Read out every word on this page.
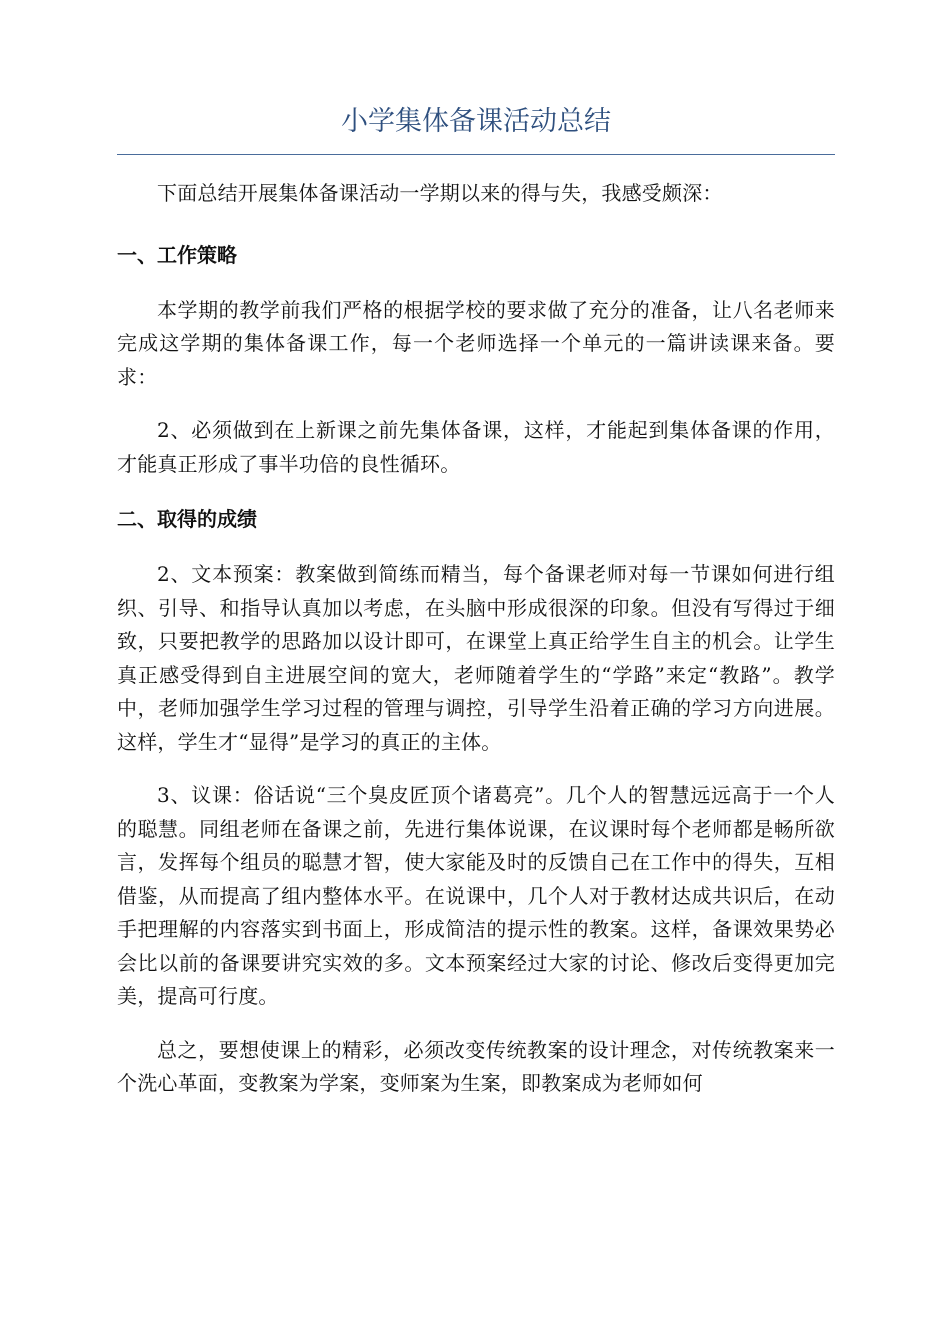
小学集体备课活动总结

下面总结开展集体备课活动一学期以来的得与失，我感受颇深：

一、工作策略

本学期的教学前我们严格的根据学校的要求做了充分的准备，让八名老师来完成这学期的集体备课工作，每一个老师选择一个单元的一篇讲读课来备。要求：

2、必须做到在上新课之前先集体备课，这样，才能起到集体备课的作用，才能真正形成了事半功倍的良性循环。

二、取得的成绩

2、文本预案：教案做到简练而精当，每个备课老师对每一节课如何进行组织、引导、和指导认真加以考虑，在头脑中形成很深的印象。但没有写得过于细致，只要把教学的思路加以设计即可，在课堂上真正给学生自主的机会。让学生真正感受得到自主进展空间的宽大，老师随着学生的“学路”来定“教路”。教学中，老师加强学生学习过程的管理与调控，引导学生沿着正确的学习方向进展。这样，学生才“显得”是学习的真正的主体。

3、议课：俗话说“三个臭皮匠顶个诸葛亮”。几个人的智慧远远高于一个人的聪慧。同组老师在备课之前，先进行集体说课，在议课时每个老师都是畅所欲言，发挥每个组员的聪慧才智，使大家能及时的反馈自己在工作中的得失，互相借鉴，从而提高了组内整体水平。在说课中，几个人对于教材达成共识后，在动手把理解的内容落实到书面上，形成简洁的提示性的教案。这样，备课效果势必会比以前的备课要讲究实效的多。文本预案经过大家的讨论、修改后变得更加完美，提高可行度。

总之，要想使课上的精彩，必须改变传统教案的设计理念，对传统教案来一个洗心革面，变教案为学案，变师案为生案，即教案成为老师如何
